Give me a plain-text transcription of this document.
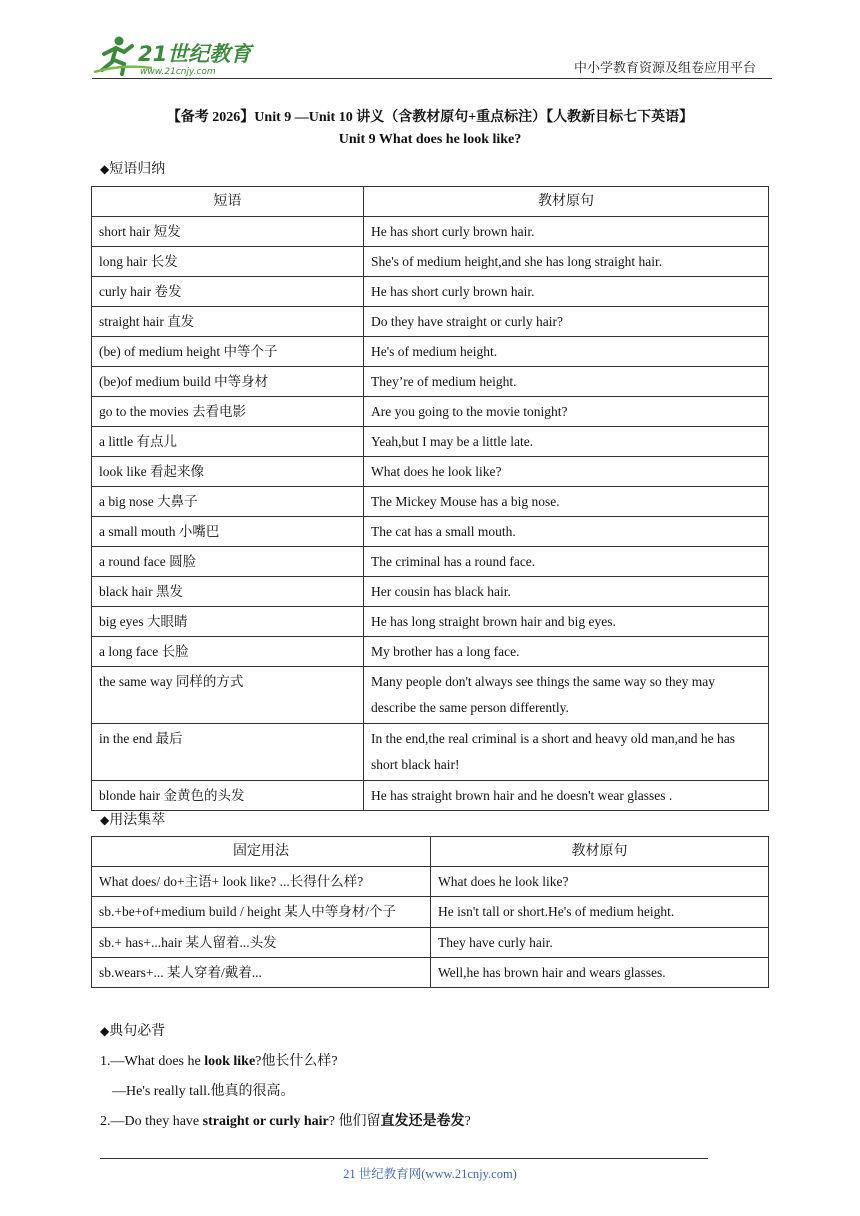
21世纪教育
www.21cnjy.com	中小学教育资源及组卷应用平台
【备考 2026】Unit 9 —Unit 10 讲义（含教材原句+重点标注）【人教新目标七下英语】
Unit 9 What does he look like?
◆短语归纳
短语	教材原句
short hair 短发	He has short curly brown hair.
long hair 长发	She's of medium height,and she has long straight hair.
curly hair 卷发	He has short curly brown hair.
straight hair 直发	Do they have straight or curly hair?
(be) of medium height 中等个子	He's of medium height.
(be)of medium build 中等身材	They’re of medium height.
go to the movies 去看电影	Are you going to the movie tonight?
a little 有点儿	Yeah,but I may be a little late.
look like 看起来像	What does he look like?
a big nose 大鼻子	The Mickey Mouse has a big nose.
a small mouth 小嘴巴	The cat has a small mouth.
a round face 圆脸	The criminal has a round face.
black hair 黑发	Her cousin has black hair.
big eyes 大眼睛	He has long straight brown hair and big eyes.
a long face 长脸	My brother has a long face.
the same way 同样的方式	Many people don't always see things the same way so they may describe the same person differently.
in the end 最后	In the end,the real criminal is a short and heavy old man,and he has short black hair!
blonde hair 金黄色的头发	He has straight brown hair and he doesn't wear glasses .
◆用法集萃
固定用法	教材原句
What does/ do+主语+ look like? ...长得什么样?	What does he look like?
sb.+be+of+medium build / height 某人中等身材/个子	He isn't tall or short.He's of medium height.
sb.+ has+...hair 某人留着...头发	They have curly hair.
sb.wears+... 某人穿着/戴着...	Well,he has brown hair and wears glasses.
◆典句必背
1.—What does he look like?他长什么样?
—He's really tall.他真的很高。
2.—Do they have straight or curly hair? 他们留直发还是卷发?
21 世纪教育网(www.21cnjy.com)
